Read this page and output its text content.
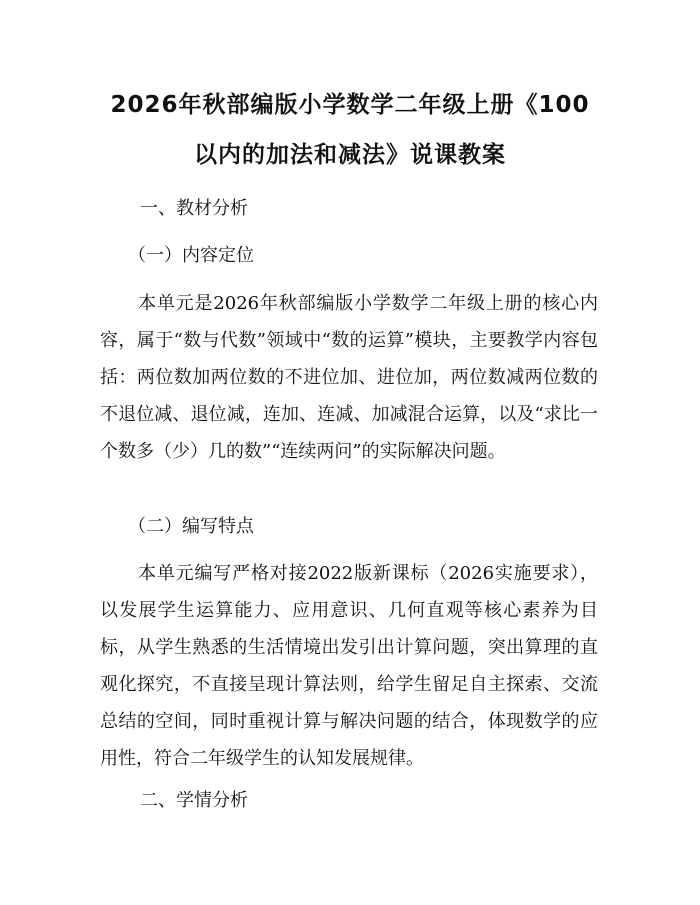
2026年秋部编版小学数学二年级上册《100
以内的加法和减法》说课教案
一、教材分析
（一）内容定位

本单元是2026年秋部编版小学数学二年级上册的核心内容，属于“数与代数”领域中“数的运算”模块，主要教学内容包括：两位数加两位数的不进位加、进位加，两位数减两位数的不退位减、退位减，连加、连减、加减混合运算，以及“求比一个数多（少）几的数”“连续两问”的实际解决问题。

（二）编写特点

本单元编写严格对接2022版新课标（2026实施要求），以发展学生运算能力、应用意识、几何直观等核心素养为目标，从学生熟悉的生活情境出发引出计算问题，突出算理的直观化探究，不直接呈现计算法则，给学生留足自主探索、交流总结的空间，同时重视计算与解决问题的结合，体现数学的应用性，符合二年级学生的认知发展规律。

二、学情分析
